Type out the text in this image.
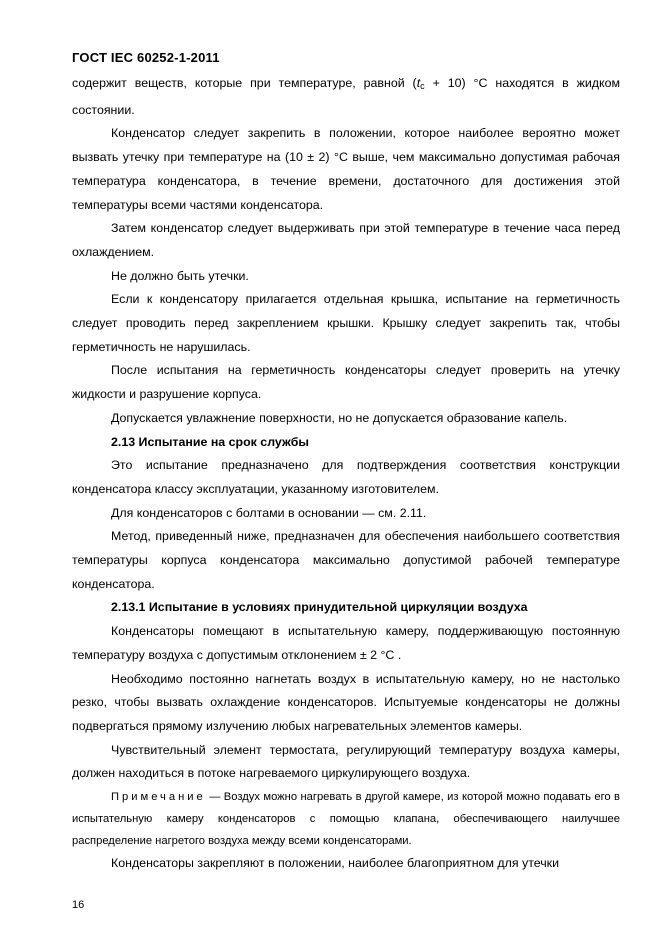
ГОСТ IEC 60252-1-2011

содержит веществ, которые при температуре, равной $(t_c + 10)$ °С находятся в жидком состоянии.

Конденсатор следует закрепить в положении, которое наиболее вероятно может вызвать утечку при температуре на (10 ± 2) °С выше, чем максимально допустимая рабочая температура конденсатора, в течение времени, достаточного для достижения этой температуры всеми частями конденсатора.

Затем конденсатор следует выдерживать при этой температуре в течение часа перед охлаждением.

Не должно быть утечки.

Если к конденсатору прилагается отдельная крышка, испытание на герметичность следует проводить перед закреплением крышки. Крышку следует закрепить так, чтобы герметичность не нарушилась.

После испытания на герметичность конденсаторы следует проверить на утечку жидкости и разрушение корпуса.

Допускается увлажнение поверхности, но не допускается образование капель.

2.13 Испытание на срок службы

Это испытание предназначено для подтверждения соответствия конструкции конденсатора классу эксплуатации, указанному изготовителем.

Для конденсаторов с болтами в основании — см. 2.11.

Метод, приведенный ниже, предназначен для обеспечения наибольшего соответствия температуры корпуса конденсатора максимально допустимой рабочей температуре конденсатора.

2.13.1 Испытание в условиях принудительной циркуляции воздуха

Конденсаторы помещают в испытательную камеру, поддерживающую постоянную температуру воздуха с допустимым отклонением ± 2 °С .

Необходимо постоянно нагнетать воздух в испытательную камеру, но не настолько резко, чтобы вызвать охлаждение конденсаторов. Испытуемые конденсаторы не должны подвергаться прямому излучению любых нагревательных элементов камеры.

Чувствительный элемент термостата, регулирующий температуру воздуха камеры, должен находиться в потоке нагреваемого циркулирующего воздуха.

Примечание — Воздух можно нагревать в другой камере, из которой можно подавать его в испытательную камеру конденсаторов с помощью клапана, обеспечивающего наилучшее распределение нагретого воздуха между всеми конденсаторами.

Конденсаторы закрепляют в положении, наиболее благоприятном для утечки

16
